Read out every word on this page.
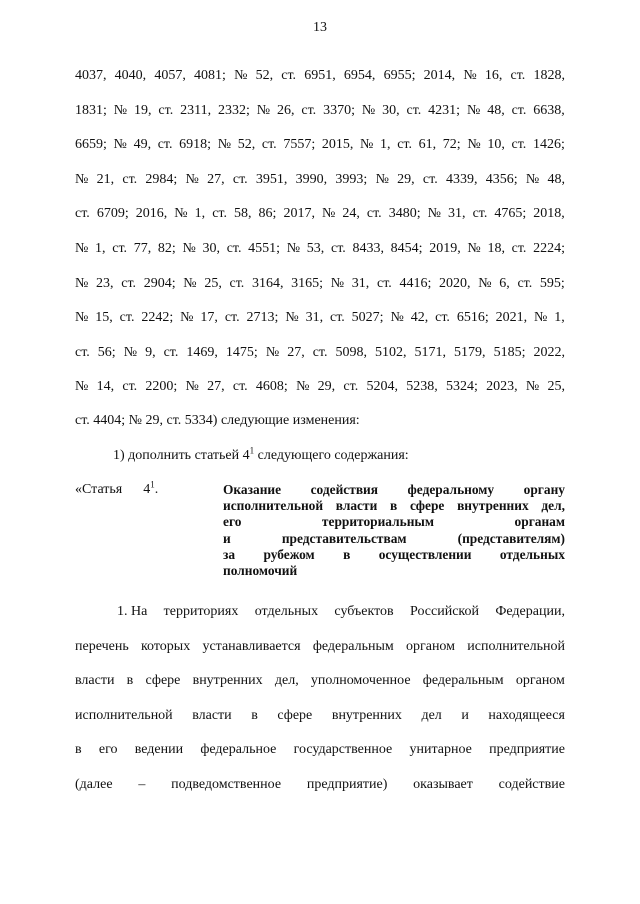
13
4037, 4040, 4057, 4081; № 52, ст. 6951, 6954, 6955; 2014, № 16, ст. 1828,
1831; № 19, ст. 2311, 2332; № 26, ст. 3370; № 30, ст. 4231; № 48, ст. 6638,
6659; № 49, ст. 6918; № 52, ст. 7557; 2015, № 1, ст. 61, 72; № 10, ст. 1426;
№ 21, ст. 2984; № 27, ст. 3951, 3990, 3993; № 29, ст. 4339, 4356; № 48,
ст. 6709; 2016, № 1, ст. 58, 86; 2017, № 24, ст. 3480; № 31, ст. 4765; 2018,
№ 1, ст. 77, 82; № 30, ст. 4551; № 53, ст. 8433, 8454; 2019, № 18, ст. 2224;
№ 23, ст. 2904; № 25, ст. 3164, 3165; № 31, ст. 4416; 2020, № 6, ст. 595;
№ 15, ст. 2242; № 17, ст. 2713; № 31, ст. 5027; № 42, ст. 6516; 2021, № 1,
ст. 56; № 9, ст. 1469, 1475; № 27, ст. 5098, 5102, 5171, 5179, 5185; 2022,
№ 14, ст. 2200; № 27, ст. 4608; № 29, ст. 5204, 5238, 5324; 2023, № 25,
ст. 4404; № 29, ст. 5334) следующие изменения:
1) дополнить статьей $4^1$ следующего содержания:
«Статья $4^1$.	Оказание содействия федеральному органу
исполнительной власти в сфере внутренних дел,
его	территориальным	органам
и	представительствам	(представителям)
за рубежом в осуществлении отдельных
полномочий
1. На территориях отдельных субъектов Российской Федерации,
перечень которых устанавливается федеральным органом исполнительной
власти в сфере внутренних дел, уполномоченное федеральным органом
исполнительной власти в сфере внутренних дел и находящееся
в его ведении федеральное государственное унитарное предприятие
(далее – подведомственное предприятие) оказывает содействие
